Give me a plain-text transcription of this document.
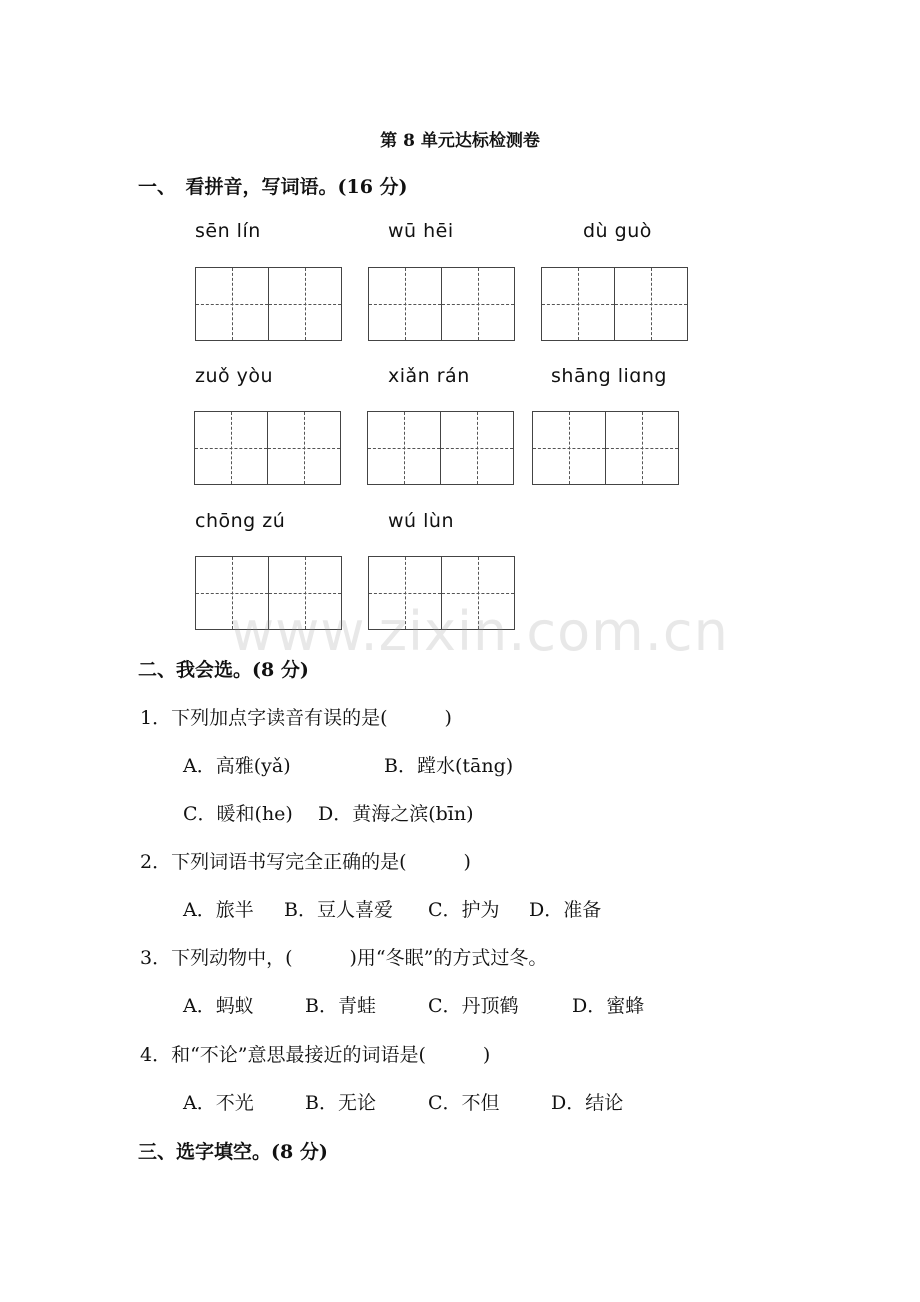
第 8 单元达标检测卷
一、　看拼音，写词语。(16 分)
sēn lín	wū hēi	dù guò
zuǒ yòu	xiǎn rán	shāng liɑng
chōng zú	wú lùn
www.zixin.com.cn
二、我会选。(8 分)
1．下列加点字读音有误的是(　　　)
A．高雅(yǎ)	B．蹚水(tāng)
C．暖和(he) D．黄海之滨(bīn)
2．下列词语书写完全正确的是(　　　)
A．旅半 B．豆人喜爱 C．护为 D．准备
3．下列动物中，(　　　)用“冬眠”的方式过冬。
A．蚂蚁	B．青蛙	C．丹顶鹤	D．蜜蜂
4．和“不论”意思最接近的词语是(　　　)
A．不光	B．无论	C．不但	D．结论
三、选字填空。(8 分)
